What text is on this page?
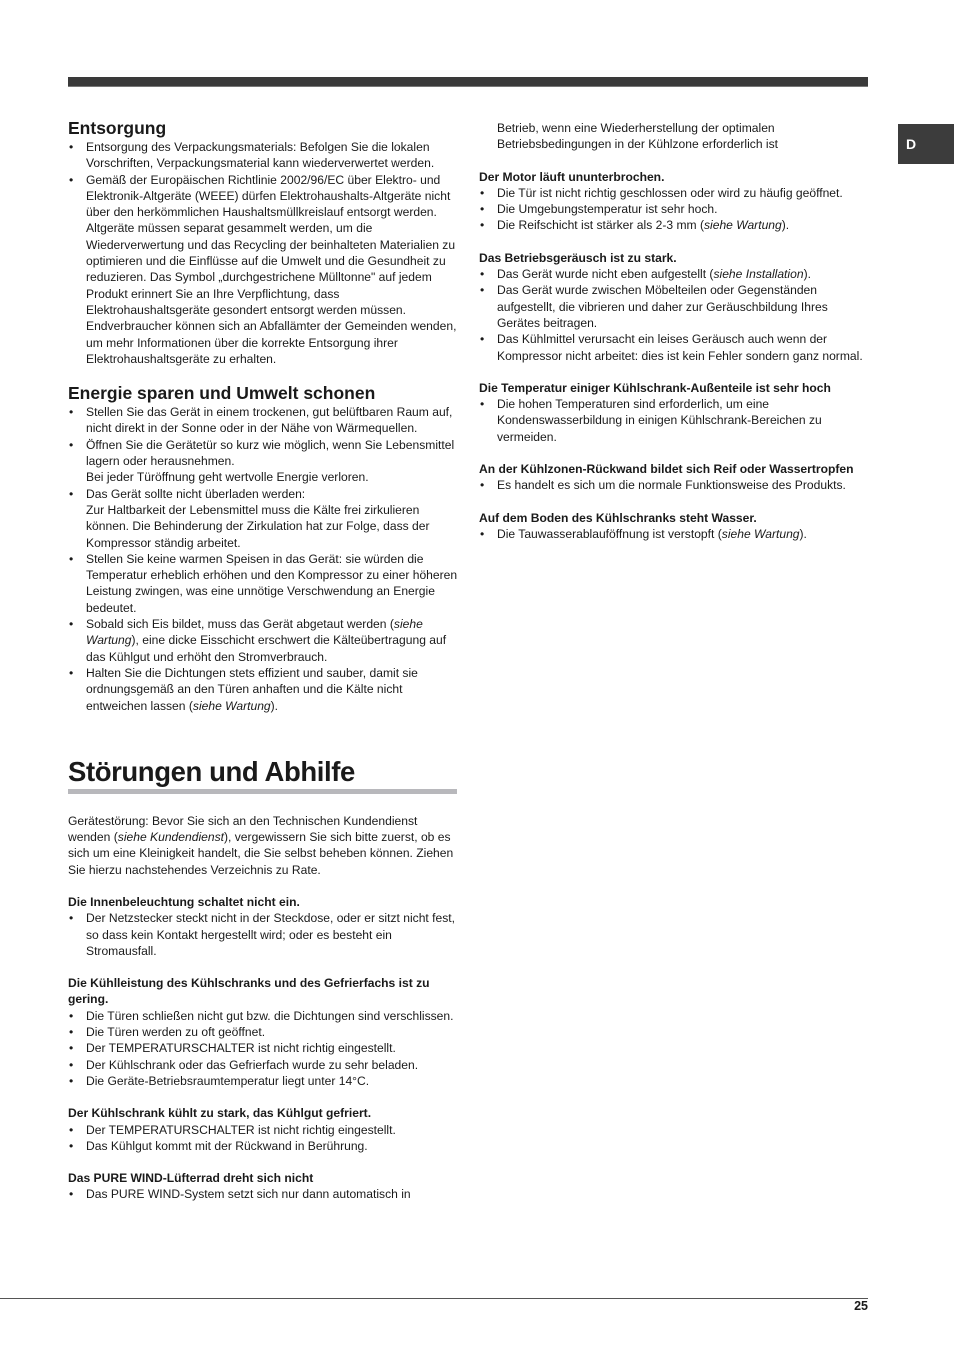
D
Entsorgung
• Entsorgung des Verpackungsmaterials: Befolgen Sie die lokalen Vorschriften, Verpackungsmaterial kann wiederverwertet werden.
• Gemäß der Europäischen Richtlinie 2002/96/EC über Elektro- und Elektronik-Altgeräte (WEEE) dürfen Elektrohaushalts-Altgeräte nicht über den herkömmlichen Haushaltsmüllkreislauf entsorgt werden. Altgeräte müssen separat gesammelt werden, um die Wiederverwertung und das Recycling der beinhalteten Materialien zu optimieren und die Einflüsse auf die Umwelt und die Gesundheit zu reduzieren. Das Symbol „durchgestrichene Mülltonne" auf jedem Produkt erinnert Sie an Ihre Verpflichtung, dass Elektrohaushaltsgeräte gesondert entsorgt werden müssen. Endverbraucher können sich an Abfallämter der Gemeinden wenden, um mehr Informationen über die korrekte Entsorgung ihrer Elektrohaushaltsgeräte zu erhalten.
Energie sparen und Umwelt schonen
• Stellen Sie das Gerät in einem trockenen, gut belüftbaren Raum auf, nicht direkt in der Sonne oder in der Nähe von Wärmequellen.
• Öffnen Sie die Gerätetür so kurz wie möglich, wenn Sie Lebensmittel lagern oder herausnehmen.
Bei jeder Türöffnung geht wertvolle Energie verloren.
• Das Gerät sollte nicht überladen werden:
Zur Haltbarkeit der Lebensmittel muss die Kälte frei zirkulieren können. Die Behinderung der Zirkulation hat zur Folge, dass der Kompressor ständig arbeitet.
• Stellen Sie keine warmen Speisen in das Gerät: sie würden die Temperatur erheblich erhöhen und den Kompressor zu einer höheren Leistung zwingen, was eine unnötige Verschwendung an Energie bedeutet.
• Sobald sich Eis bildet, muss das Gerät abgetaut werden (siehe Wartung), eine dicke Eisschicht erschwert die Kälteübertragung auf das Kühlgut und erhöht den Stromverbrauch.
• Halten Sie die Dichtungen stets effizient und sauber, damit sie ordnungsgemäß an den Türen anhaften und die Kälte nicht entweichen lassen (siehe Wartung).
Störungen und Abhilfe

Gerätestörung: Bevor Sie sich an den Technischen Kundendienst wenden (siehe Kundendienst), vergewissern Sie sich bitte zuerst, ob es sich um eine Kleinigkeit handelt, die Sie selbst beheben können. Ziehen Sie hierzu nachstehendes Verzeichnis zu Rate.

Die Innenbeleuchtung schaltet nicht ein.
• Der Netzstecker steckt nicht in der Steckdose, oder er sitzt nicht fest, so dass kein Kontakt hergestellt wird; oder es besteht ein Stromausfall.
Die Kühlleistung des Kühlschranks und des Gefrierfachs ist zu gering.
• Die Türen schließen nicht gut bzw. die Dichtungen sind verschlissen.
• Die Türen werden zu oft geöffnet.
• Der TEMPERATURSCHALTER ist nicht richtig eingestellt.
• Der Kühlschrank oder das Gefrierfach wurde zu sehr beladen.
• Die Geräte-Betriebsraumtemperatur liegt unter 14°C.
Der Kühlschrank kühlt zu stark, das Kühlgut gefriert.
• Der TEMPERATURSCHALTER ist nicht richtig eingestellt.
• Das Kühlgut kommt mit der Rückwand in Berührung.
Das PURE WIND-Lüfterrad dreht sich nicht
• Das PURE WIND-System setzt sich nur dann automatisch in

Betrieb, wenn eine Wiederherstellung der optimalen Betriebsbedingungen in der Kühlzone erforderlich ist

Der Motor läuft ununterbrochen.
• Die Tür ist nicht richtig geschlossen oder wird zu häufig geöffnet.
• Die Umgebungstemperatur ist sehr hoch.
• Die Reifschicht ist stärker als 2-3 mm (siehe Wartung).
Das Betriebsgeräusch ist zu stark.
• Das Gerät wurde nicht eben aufgestellt (siehe Installation).
• Das Gerät wurde zwischen Möbelteilen oder Gegenständen aufgestellt, die vibrieren und daher zur Geräuschbildung Ihres Gerätes beitragen.
• Das Kühlmittel verursacht ein leises Geräusch auch wenn der Kompressor nicht arbeitet: dies ist kein Fehler sondern ganz normal.
Die Temperatur einiger Kühlschrank-Außenteile ist sehr hoch
• Die hohen Temperaturen sind erforderlich, um eine Kondenswasserbildung in einigen Kühlschrank-Bereichen zu vermeiden.
An der Kühlzonen-Rückwand bildet sich Reif oder Wassertropfen
• Es handelt es sich um die normale Funktionsweise des Produkts.
Auf dem Boden des Kühlschranks steht Wasser.
• Die Tauwasserablauföffnung ist verstopft (siehe Wartung).
25
